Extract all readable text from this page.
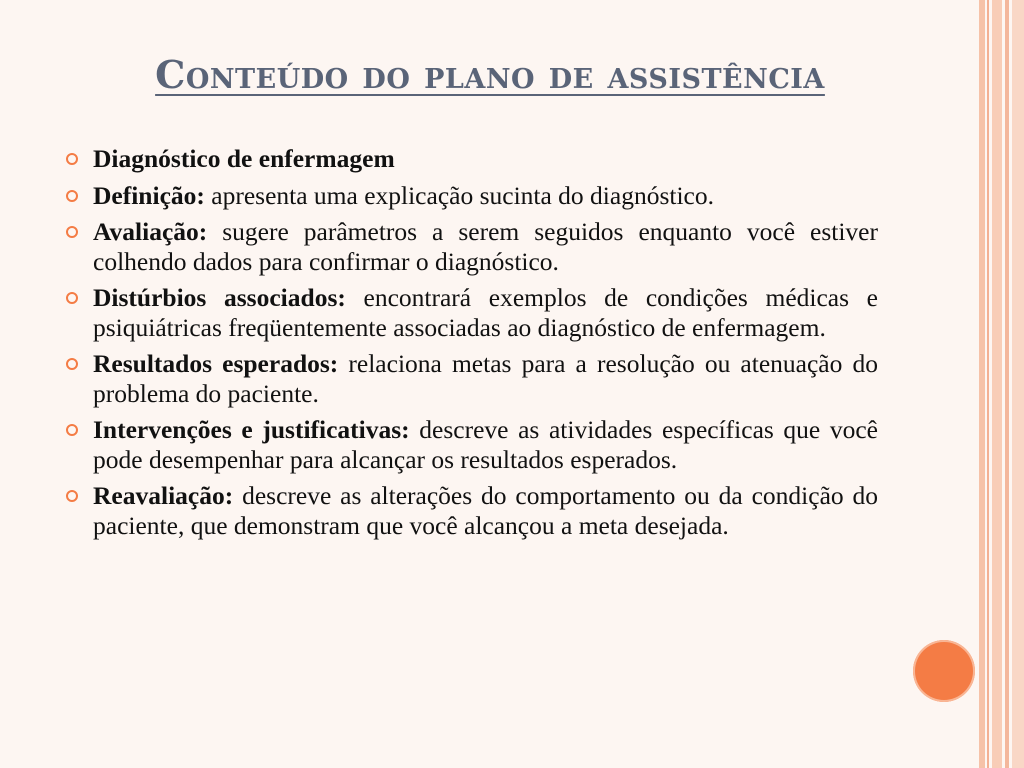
Conteúdo do plano de assistência
Diagnóstico de enfermagem
Definição: apresenta uma explicação sucinta do diagnóstico.
Avaliação: sugere parâmetros a serem seguidos enquanto você estiver colhendo dados para confirmar o diagnóstico.
Distúrbios associados: encontrará exemplos de condições médicas e psiquiátricas freqüentemente associadas ao diagnóstico de enfermagem.
Resultados esperados: relaciona metas para a resolução ou atenuação do problema do paciente.
Intervenções e justificativas: descreve as atividades específicas que você pode desempenhar para alcançar os resultados esperados.
Reavaliação: descreve as alterações do comportamento ou da condição do paciente, que demonstram que você alcançou a meta desejada.
